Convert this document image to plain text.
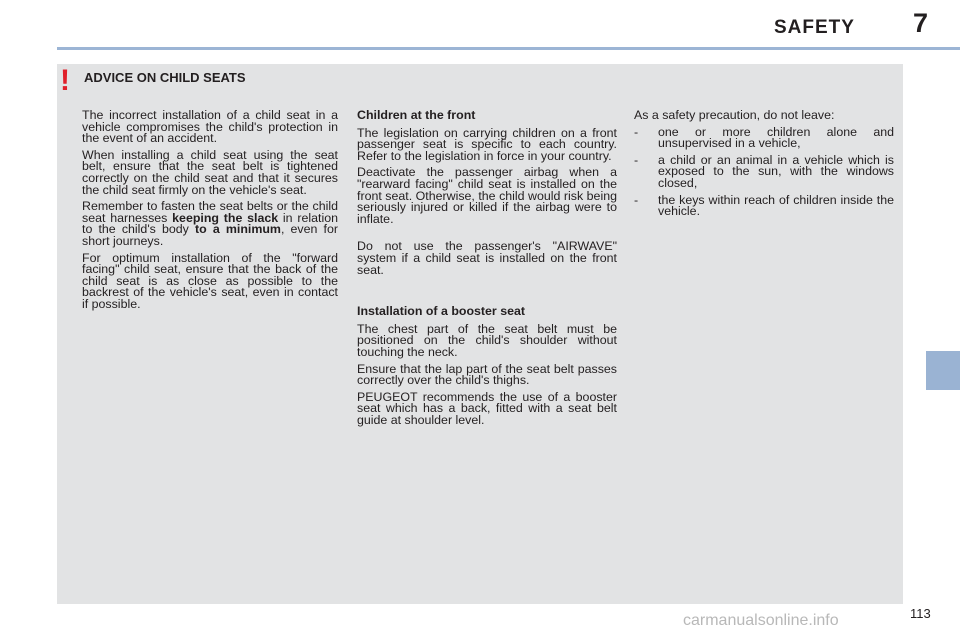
SAFETY 7
! ADVICE ON CHILD SEATS

The incorrect installation of a child seat in a vehicle compromises the child's protection in the event of an accident.

When installing a child seat using the seat belt, ensure that the seat belt is tightened correctly on the child seat and that it secures the child seat firmly on the vehicle's seat.

Remember to fasten the seat belts or the child seat harnesses keeping the slack in relation to the child's body to a minimum, even for short journeys.

For optimum installation of the "forward facing" child seat, ensure that the back of the child seat is as close as possible to the backrest of the vehicle's seat, even in contact if possible.

Children at the front

The legislation on carrying children on a front passenger seat is specific to each country. Refer to the legislation in force in your country.

Deactivate the passenger airbag when a "rearward facing" child seat is installed on the front seat. Otherwise, the child would risk being seriously injured or killed if the airbag were to inflate.

Do not use the passenger's "AIRWAVE" system if a child seat is installed on the front seat.

Installation of a booster seat

The chest part of the seat belt must be positioned on the child's shoulder without touching the neck.

Ensure that the lap part of the seat belt passes correctly over the child's thighs.

PEUGEOT recommends the use of a booster seat which has a back, fitted with a seat belt guide at shoulder level.

As a safety precaution, do not leave:

-	one or more children alone and unsupervised in a vehicle,
-	a child or an animal in a vehicle which is exposed to the sun, with the windows closed,
-	the keys within reach of children inside the vehicle.
113
carmanualsonline.info
